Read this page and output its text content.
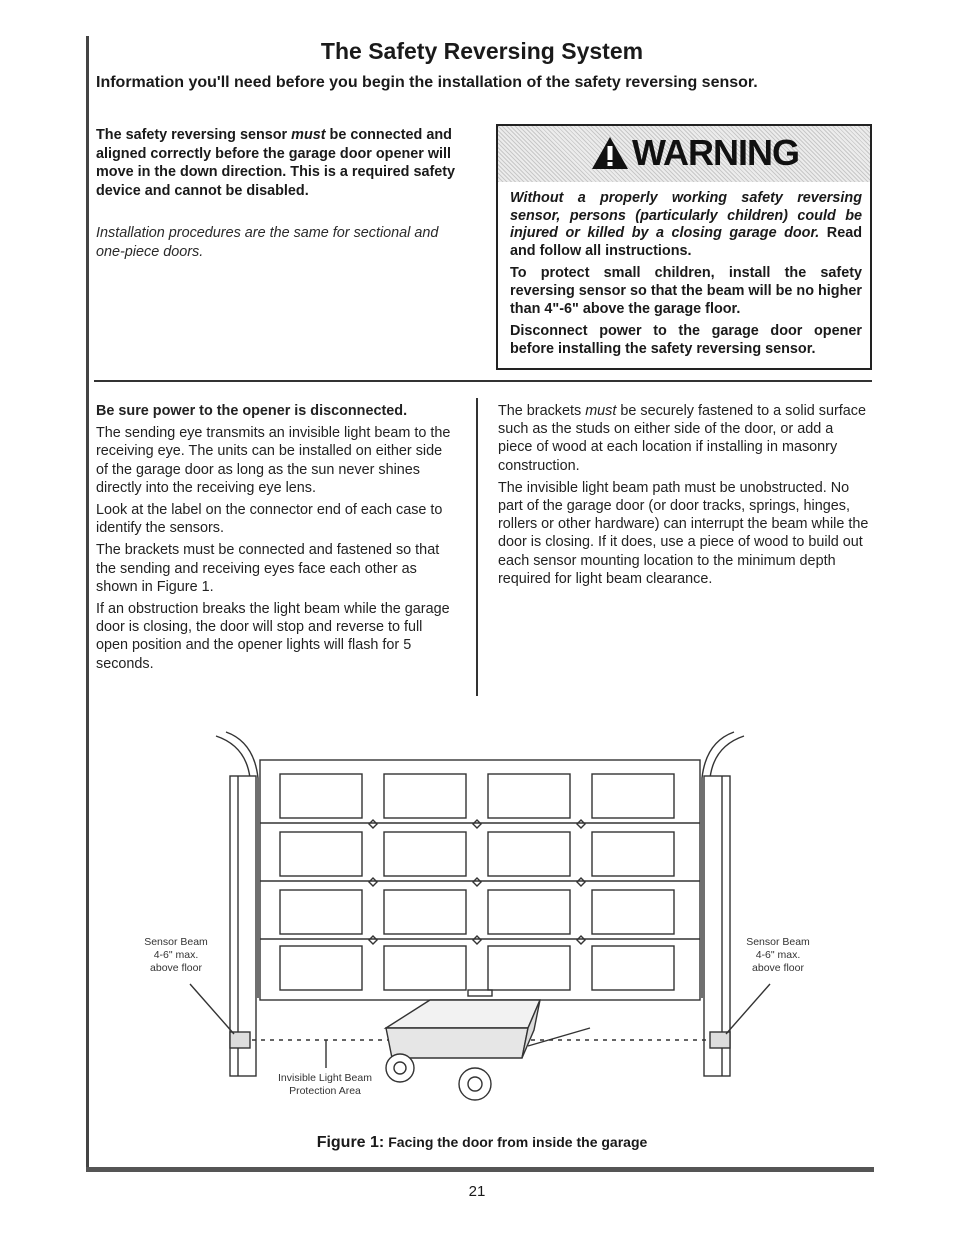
The Safety Reversing System
Information you'll need before you begin the installation of the safety reversing sensor.
The safety reversing sensor must be connected and aligned correctly before the garage door opener will move in the down direction. This is a required safety device and cannot be disabled.
Installation procedures are the same for sectional and one-piece doors.
WARNING

Without a properly working safety reversing sensor, persons (particularly children) could be injured or killed by a closing garage door. Read and follow all instructions.

To protect small children, install the safety reversing sensor so that the beam will be no higher than 4"-6" above the garage floor.

Disconnect power to the garage door opener before installing the safety reversing sensor.

Be sure power to the opener is disconnected.

The sending eye transmits an invisible light beam to the receiving eye. The units can be installed on either side of the garage door as long as the sun never shines directly into the receiving eye lens.

Look at the label on the connector end of each case to identify the sensors.

The brackets must be connected and fastened so that the sending and receiving eyes face each other as shown in Figure 1.

If an obstruction breaks the light beam while the garage door is closing, the door will stop and reverse to full open position and the opener lights will flash for 5 seconds.

The brackets must be securely fastened to a solid surface such as the studs on either side of the door, or add a piece of wood at each location if installing in masonry construction.

The invisible light beam path must be unobstructed. No part of the garage door (or door tracks, springs, hinges, rollers or other hardware) can interrupt the beam while the door is closing. If it does, use a piece of wood to build out each sensor mounting location to the minimum depth required for light beam clearance.

Sensor Beam
4-6" max.
above floor
Sensor Beam
4-6" max.
above floor
Invisible Light Beam
Protection Area
Figure 1: Facing the door from inside the garage
21
